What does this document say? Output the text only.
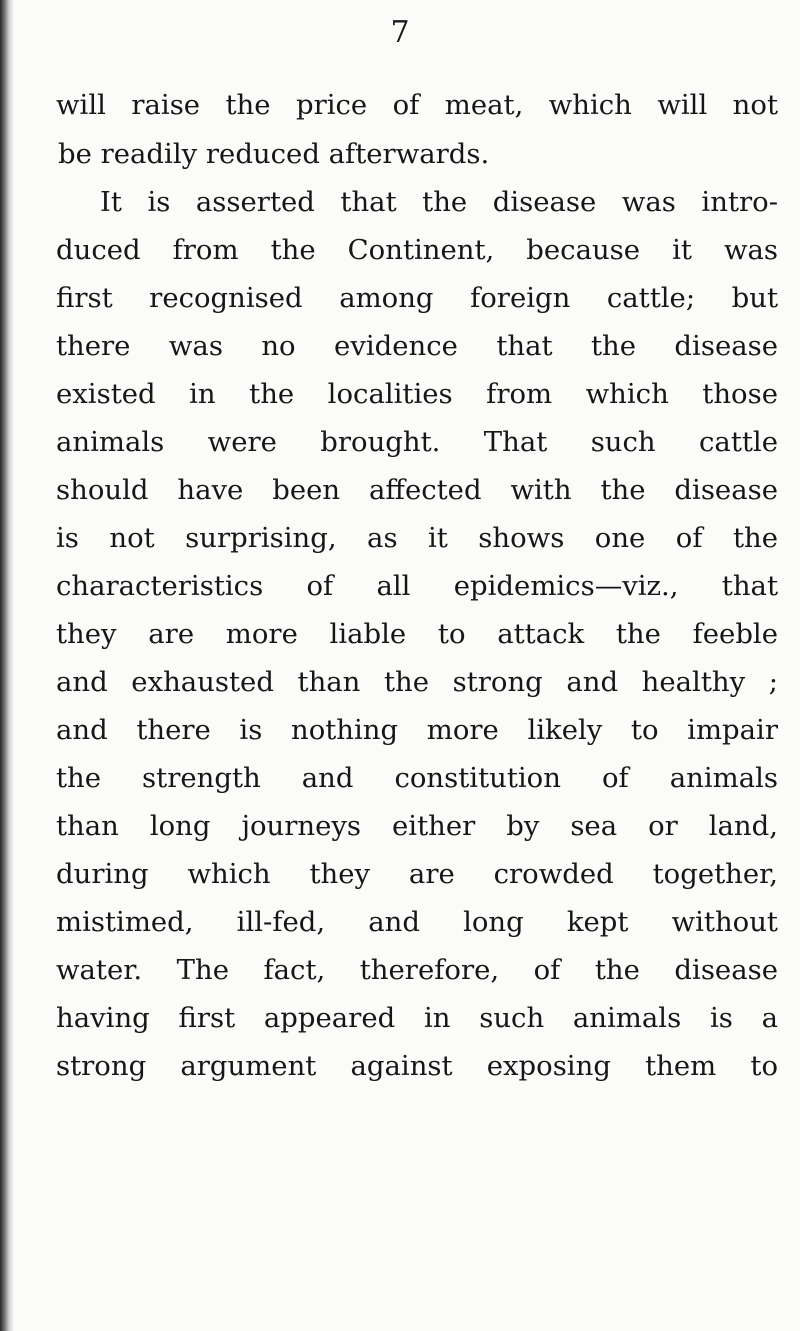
7
will raise the price of meat, which will not
be readily reduced afterwards.
It is asserted that the disease was intro-
duced from the Continent, because it was
first recognised among foreign cattle; but
there was no evidence that the disease
existed in the localities from which those
animals were brought. That such cattle
should have been affected with the disease
is not surprising, as it shows one of the
characteristics of all epidemics—viz., that
they are more liable to attack the feeble
and exhausted than the strong and healthy ;
and there is nothing more likely to impair
the strength and constitution of animals
than long journeys either by sea or land,
during which they are crowded together,
mistimed, ill-fed, and long kept without
water. The fact, therefore, of the disease
having first appeared in such animals is a
strong argument against exposing them to
